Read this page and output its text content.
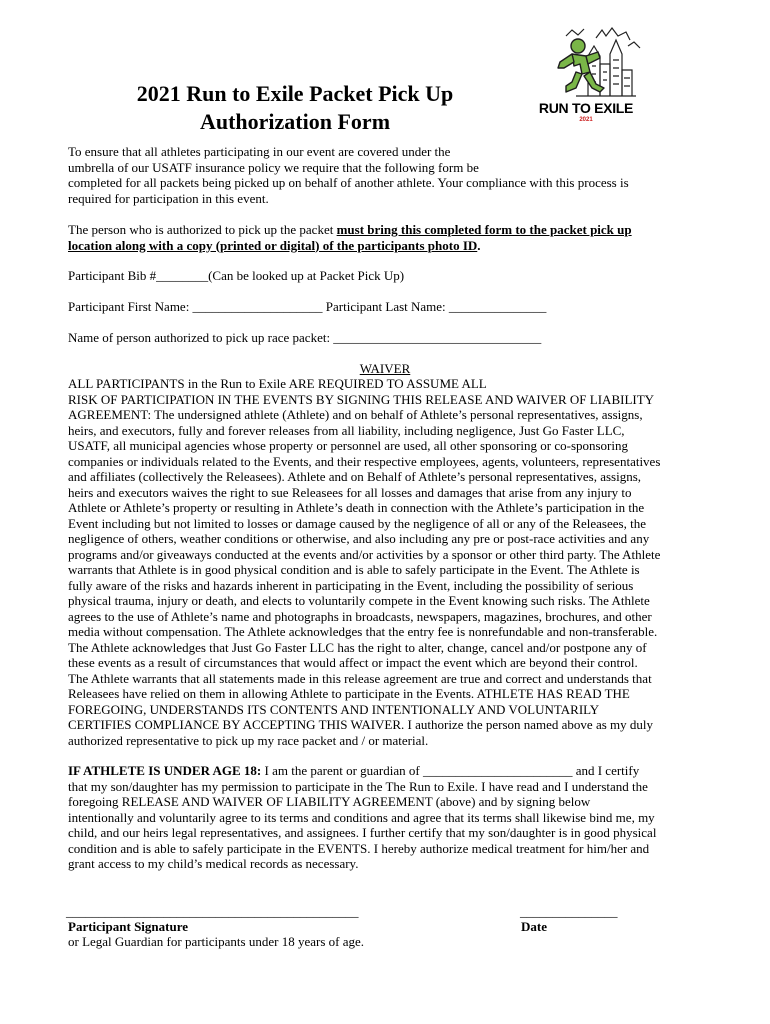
2021 Run to Exile Packet Pick Up
Authorization Form
RUN TO EXILE
2021
To ensure that all athletes participating in our event are covered under the
umbrella of our USATF insurance policy we require that the following form be
completed for all packets being picked up on behalf of another athlete. Your compliance with this process is
required for participation in this event.
The person who is authorized to pick up the packet must bring this completed form to the packet pick up
location along with a copy (printed or digital) of the participants photo ID.
Participant Bib #________(Can be looked up at Packet Pick Up)
Participant First Name: ____________________ Participant Last Name: _______________
Name of person authorized to pick up race packet: ________________________________
WAIVER
ALL PARTICIPANTS in the Run to Exile ARE REQUIRED TO ASSUME ALL
RISK OF PARTICIPATION IN THE EVENTS BY SIGNING THIS RELEASE AND WAIVER OF LIABILITY
AGREEMENT: The undersigned athlete (Athlete) and on behalf of Athlete’s personal representatives, assigns,
heirs, and executors, fully and forever releases from all liability, including negligence, Just Go Faster LLC,
USATF, all municipal agencies whose property or personnel are used, all other sponsoring or co-sponsoring
companies or individuals related to the Events, and their respective employees, agents, volunteers, representatives
and affiliates (collectively the Releasees). Athlete and on Behalf of Athlete’s personal representatives, assigns,
heirs and executors waives the right to sue Releasees for all losses and damages that arise from any injury to
Athlete or Athlete’s property or resulting in Athlete’s death in connection with the Athlete’s participation in the
Event including but not limited to losses or damage caused by the negligence of all or any of the Releasees, the
negligence of others, weather conditions or otherwise, and also including any pre or post-race activities and any
programs and/or giveaways conducted at the events and/or activities by a sponsor or other third party. The Athlete
warrants that Athlete is in good physical condition and is able to safely participate in the Event. The Athlete is
fully aware of the risks and hazards inherent in participating in the Event, including the possibility of serious
physical trauma, injury or death, and elects to voluntarily compete in the Event knowing such risks. The Athlete
agrees to the use of Athlete’s name and photographs in broadcasts, newspapers, magazines, brochures, and other
media without compensation. The Athlete acknowledges that the entry fee is nonrefundable and non-transferable.
The Athlete acknowledges that Just Go Faster LLC has the right to alter, change, cancel and/or postpone any of
these events as a result of circumstances that would affect or impact the event which are beyond their control.
The Athlete warrants that all statements made in this release agreement are true and correct and understands that
Releasees have relied on them in allowing Athlete to participate in the Events. ATHLETE HAS READ THE
FOREGOING, UNDERSTANDS ITS CONTENTS AND INTENTIONALLY AND VOLUNTARILY
CERTIFIES COMPLIANCE BY ACCEPTING THIS WAIVER. I authorize the person named above as my duly
authorized representative to pick up my race packet and / or material.
IF ATHLETE IS UNDER AGE 18: I am the parent or guardian of _______________________ and I certify
that my son/daughter has my permission to participate in the The Run to Exile. I have read and I understand the
foregoing RELEASE AND WAIVER OF LIABILITY AGREEMENT (above) and by signing below
intentionally and voluntarily agree to its terms and conditions and agree that its terms shall likewise bind me, my
child, and our heirs legal representatives, and assignees. I further certify that my son/daughter is in good physical
condition and is able to safely participate in the EVENTS. I hereby authorize medical treatment for him/her and
grant access to my child’s medical records as necessary.
_____________________________________________	_______________
Participant Signature	Date
or Legal Guardian for participants under 18 years of age.
